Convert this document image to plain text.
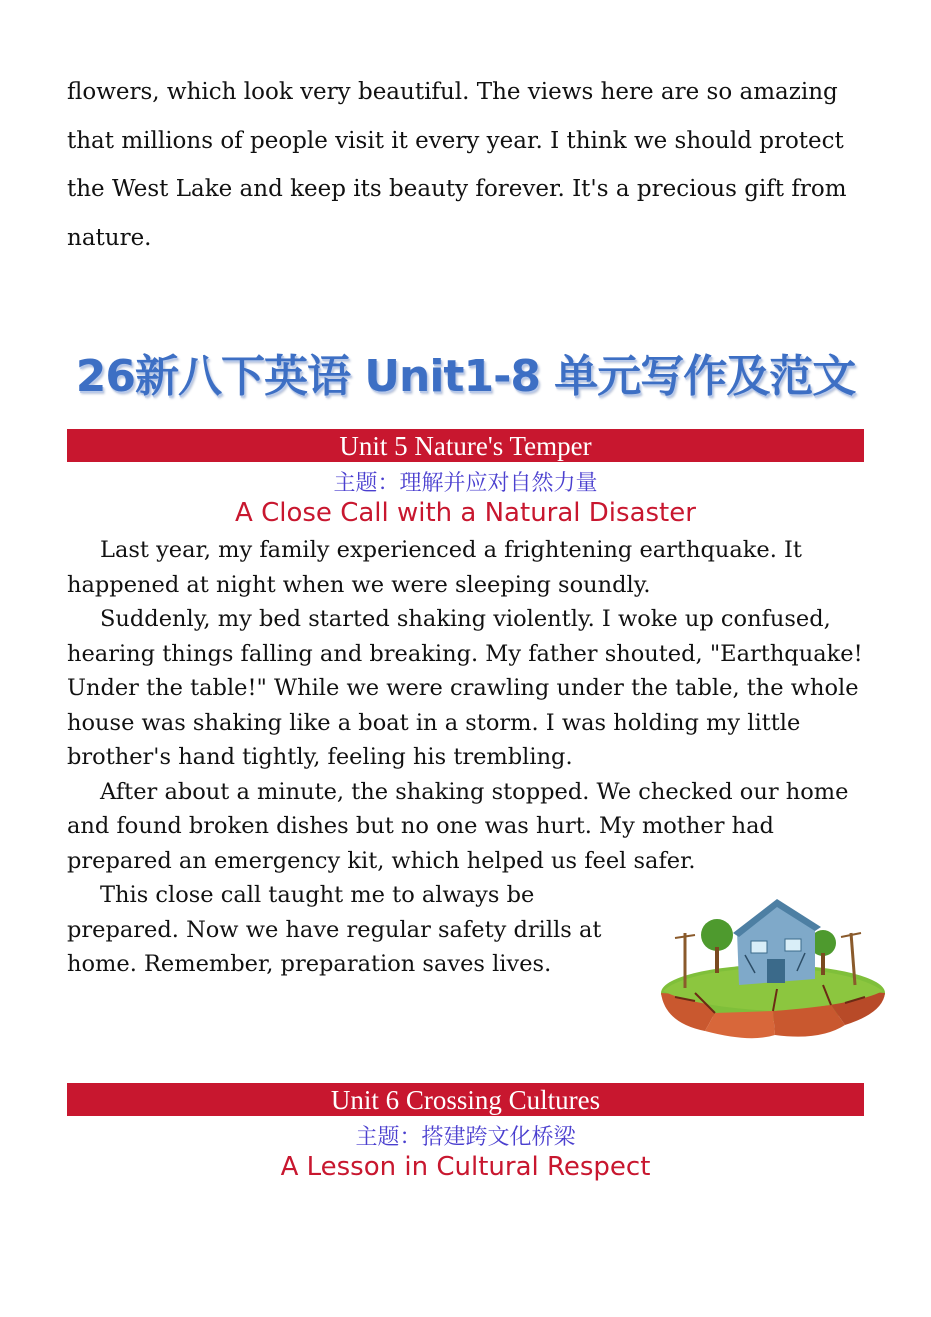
flowers, which look very beautiful. The views here are so amazing that millions of people visit it every year. I think we should protect the West Lake and keep its beauty forever. It's a precious gift from nature.

26新八下英语 Unit1-8 单元写作及范文
Unit 5 Nature's Temper

主题：理解并应对自然力量

A Close Call with a Natural Disaster

Last year, my family experienced a frightening earthquake. It happened at night when we were sleeping soundly.

Suddenly, my bed started shaking violently. I woke up confused, hearing things falling and breaking. My father shouted, "Earthquake! Under the table!" While we were crawling under the table, the whole house was shaking like a boat in a storm. I was holding my little brother's hand tightly, feeling his trembling.

After about a minute, the shaking stopped. We checked our home and found broken dishes but no one was hurt. My mother had prepared an emergency kit, which helped us feel safer.

This close call taught me to always be prepared. Now we have regular safety drills at home. Remember, preparation saves lives.

Unit 6 Crossing Cultures

主题：搭建跨文化桥梁

A Lesson in Cultural Respect
